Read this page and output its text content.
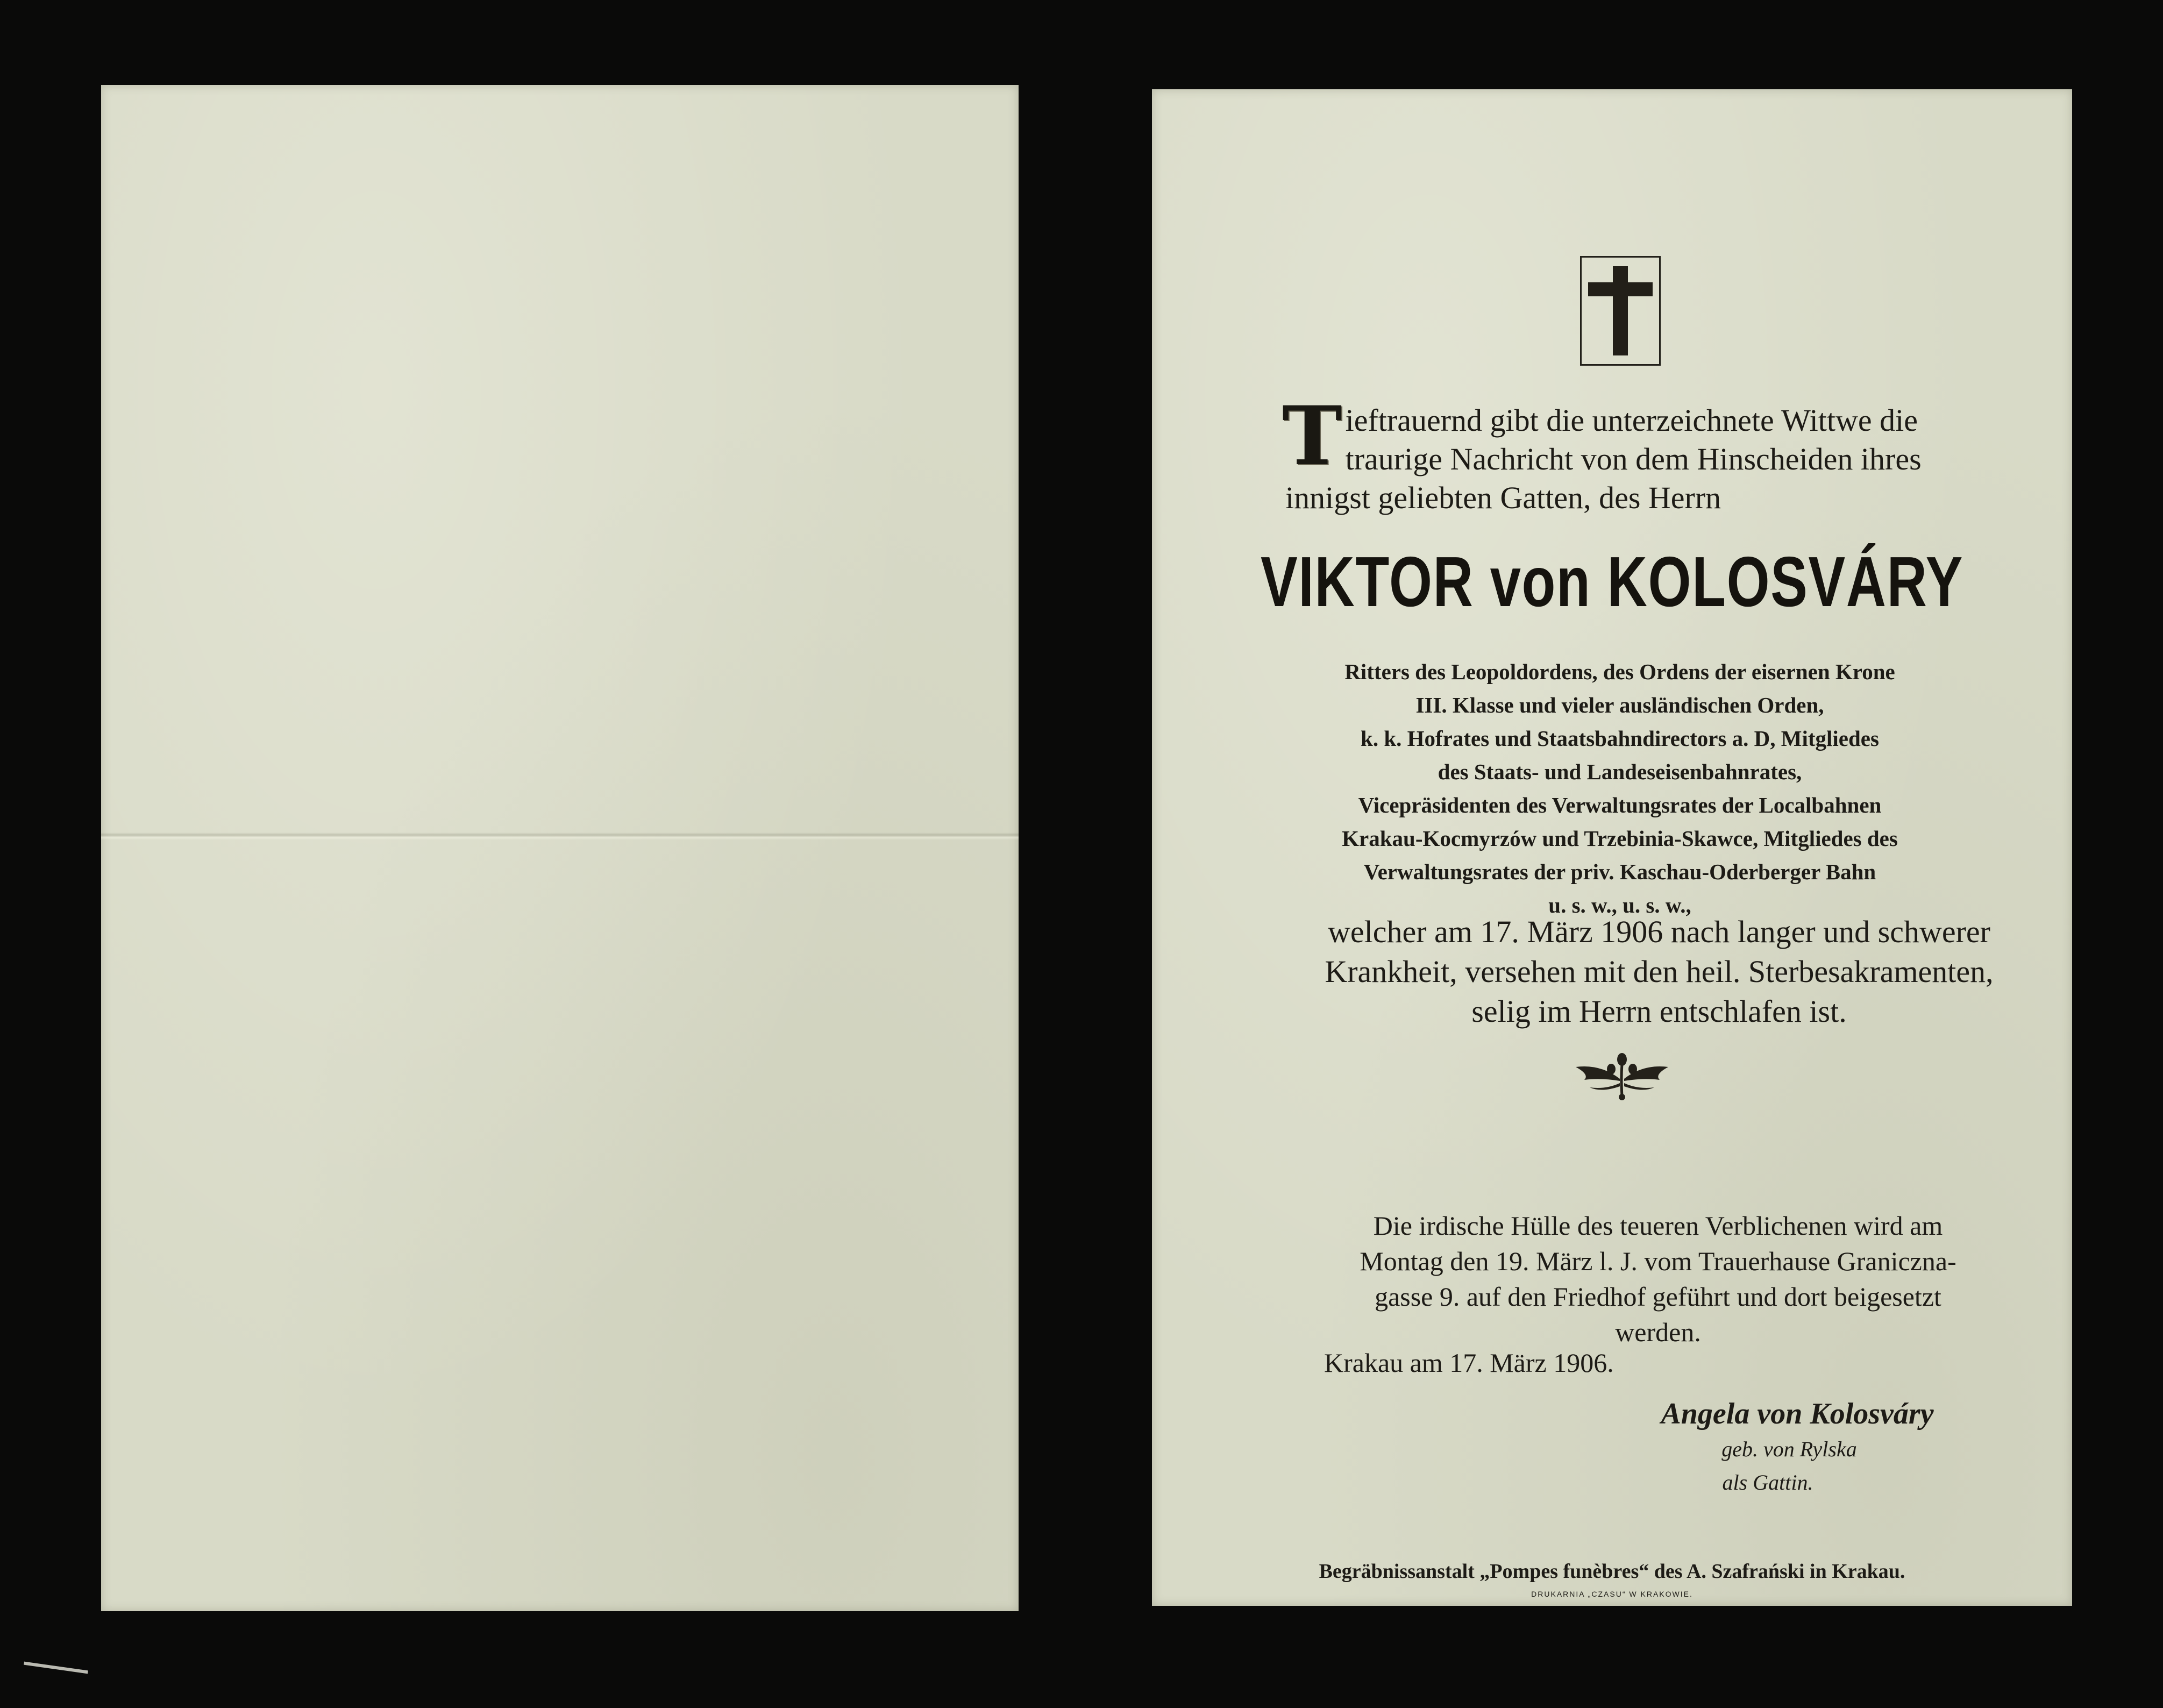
T ieftrauernd gibt die unterzeichnete Wittwe die
traurige Nachricht von dem Hinscheiden ihres
innigst geliebten Gatten, des Herrn
VIKTOR von KOLOSVÁRY
Ritters des Leopoldordens, des Ordens der eisernen Krone
III. Klasse und vieler ausländischen Orden,
k. k. Hofrates und Staatsbahndirectors a. D, Mitgliedes
des Staats- und Landeseisenbahnrates,
Vicepräsidenten des Verwaltungsrates der Localbahnen
Krakau-Kocmyrzów und Trzebinia-Skawce, Mitgliedes des
Verwaltungsrates der priv. Kaschau-Oderberger Bahn
u. s. w., u. s. w.,
welcher am 17. März 1906 nach langer und schwerer
Krankheit, versehen mit den heil. Sterbesakramenten,
selig im Herrn entschlafen ist.
Die irdische Hülle des teueren Verblichenen wird am
Montag den 19. März l. J. vom Trauerhause Graniczna-
gasse 9. auf den Friedhof geführt und dort beigesetzt
werden.
Krakau am 17. März 1906.
Angela von Kolosváry
geb. von Rylska
als Gattin.
Begräbnissanstalt „Pompes funèbres“ des A. Szafrański in Krakau.
DRUKARNIA „CZASU“ W KRAKOWIE.
